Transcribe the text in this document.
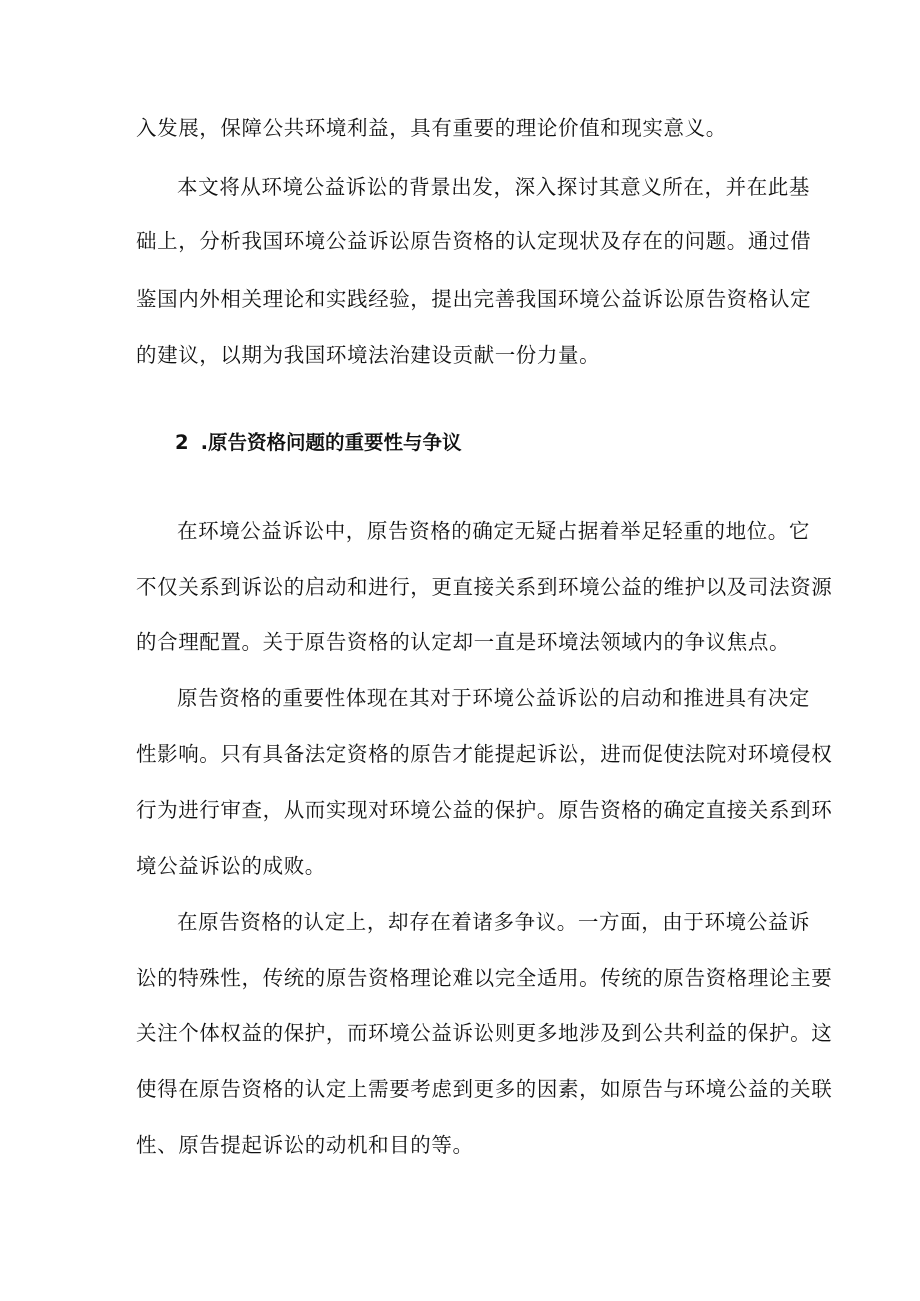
入发展，保障公共环境利益，具有重要的理论价值和现实意义。
本文将从环境公益诉讼的背景出发，深入探讨其意义所在，并在此基
础上，分析我国环境公益诉讼原告资格的认定现状及存在的问题。通过借
鉴国内外相关理论和实践经验，提出完善我国环境公益诉讼原告资格认定
的建议，以期为我国环境法治建设贡献一份力量。
2 .原告资格问题的重要性与争议
在环境公益诉讼中，原告资格的确定无疑占据着举足轻重的地位。它
不仅关系到诉讼的启动和进行，更直接关系到环境公益的维护以及司法资源
的合理配置。关于原告资格的认定却一直是环境法领域内的争议焦点。
原告资格的重要性体现在其对于环境公益诉讼的启动和推进具有决定
性影响。只有具备法定资格的原告才能提起诉讼，进而促使法院对环境侵权
行为进行审查，从而实现对环境公益的保护。原告资格的确定直接关系到环
境公益诉讼的成败。
在原告资格的认定上，却存在着诸多争议。一方面，由于环境公益诉
讼的特殊性，传统的原告资格理论难以完全适用。传统的原告资格理论主要
关注个体权益的保护，而环境公益诉讼则更多地涉及到公共利益的保护。这
使得在原告资格的认定上需要考虑到更多的因素，如原告与环境公益的关联
性、原告提起诉讼的动机和目的等。
